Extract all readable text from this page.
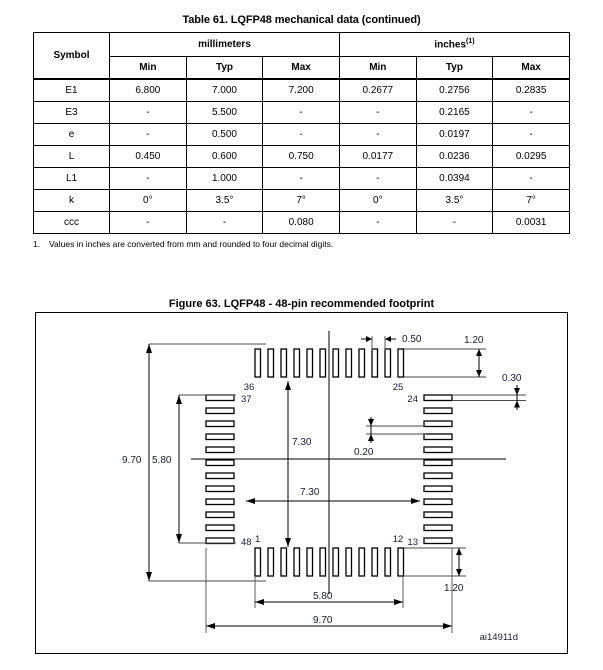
Table 61. LQFP48 mechanical data (continued)
Symbol	millimeters			inches$^{(1)}$
	Min	Typ	Max	Min	Typ	Max
E1	6.800	7.000	7.200	0.2677	0.2756	0.2835
E3	-	5.500	-	-	0.2165	-
e	-	0.500	-	-	0.0197	-
L	0.450	0.600	0.750	0.0177	0.0236	0.0295
L1	-	1.000	-	-	0.0394	-
k	0°	3.5°	7°	0°	3.5°	7°
ccc	-	-	0.080	-	-	0.0031
1.	Values in inches are converted from mm and rounded to four decimal digits.
Figure 63. LQFP48 - 48-pin recommended footprint
0.50	1.20
0.30
0.20
9.70 5.80
7.30
7.30
1.20
5.80
9.70
36	25
37
48
24
13
1	12
ai14911d
